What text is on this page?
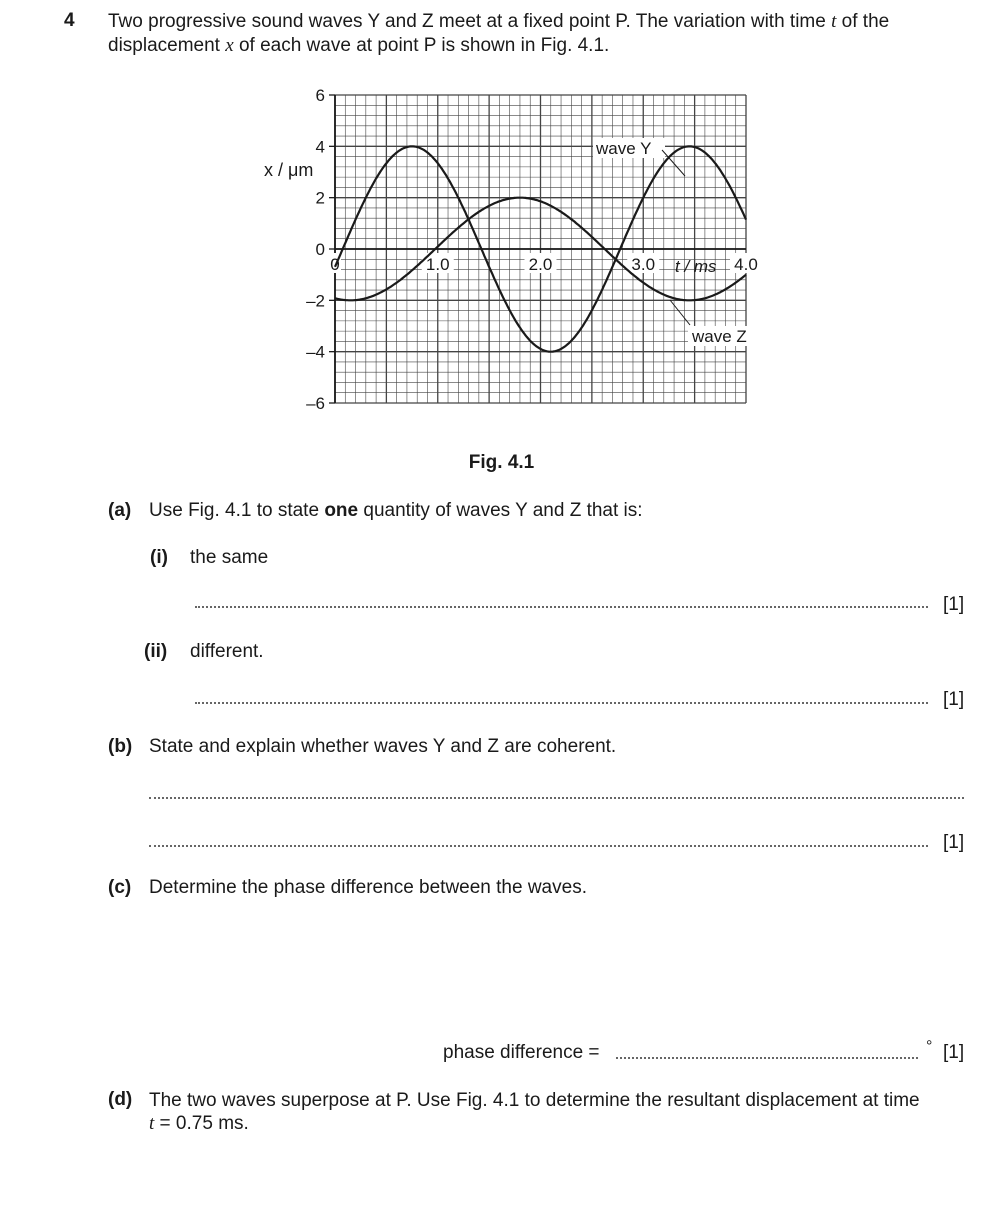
4 Two progressive sound waves Y and Z meet at a fixed point P. The variation with time t of the
displacement x of each wave at point P is shown in Fig. 4.1.
6
4
2
0
–2
–4
–6
0	1.0	2.0	3.0	4.0
x / μm
t / ms
wave Y
wave Z
Fig. 4.1
(a) Use Fig. 4.1 to state one quantity of waves Y and Z that is:
(i) the same
[1]
(ii) different.
[1]
(b) State and explain whether waves Y and Z are coherent.
[1]
(c) Determine the phase difference between the waves.
phase difference =	° [1]
(d) The two waves superpose at P. Use Fig. 4.1 to determine the resultant displacement at time
t = 0.75 ms.
